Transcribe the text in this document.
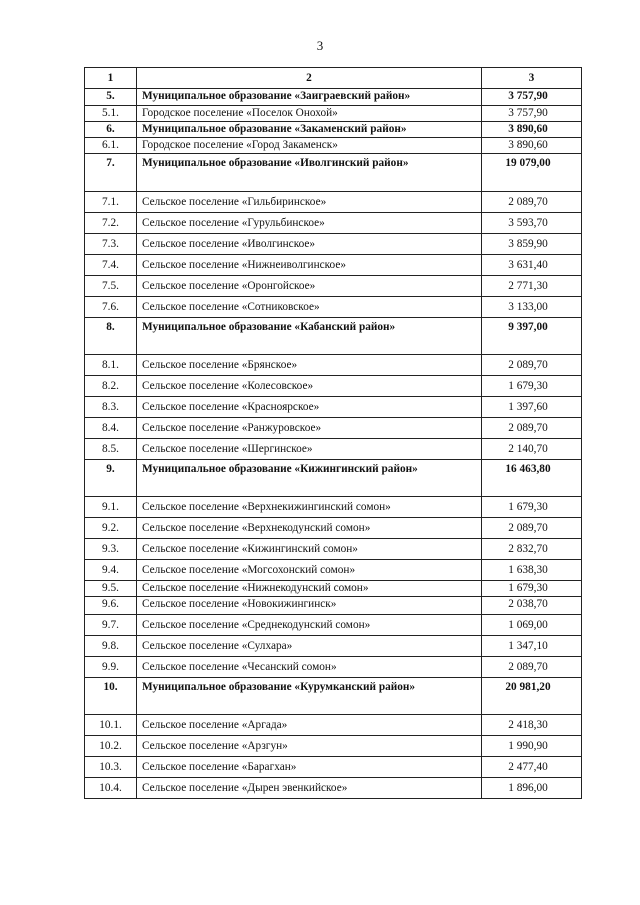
3
1	2	3
5.	Муниципальное образование «Заиграевский район»	3 757,90
5.1.	Городское поселение «Поселок Онохой»	3 757,90
6.	Муниципальное образование «Закаменский район»	3 890,60
6.1.	Городское поселение «Город Закаменск»	3 890,60
7.	Муниципальное образование «Иволгинский район»	19 079,00
7.1.	Сельское поселение «Гильбиринское»	2 089,70
7.2.	Сельское поселение «Гурульбинское»	3 593,70
7.3.	Сельское поселение «Иволгинское»	3 859,90
7.4.	Сельское поселение «Нижнеиволгинское»	3 631,40
7.5.	Сельское поселение «Оронгойское»	2 771,30
7.6.	Сельское поселение «Сотниковское»	3 133,00
8.	Муниципальное образование «Кабанский район»	9 397,00
8.1.	Сельское поселение «Брянское»	2 089,70
8.2.	Сельское поселение «Колесовское»	1 679,30
8.3.	Сельское поселение «Красноярское»	1 397,60
8.4.	Сельское поселение «Ранжуровское»	2 089,70
8.5.	Сельское поселение «Шергинское»	2 140,70
9.	Муниципальное образование «Кижингинский район»	16 463,80
9.1.	Сельское поселение «Верхнекижингинский сомон»	1 679,30
9.2.	Сельское поселение «Верхнекодунский сомон»	2 089,70
9.3.	Сельское поселение «Кижингинский сомон»	2 832,70
9.4.	Сельское поселение «Могсохонский сомон»	1 638,30
9.5.	Сельское поселение «Нижнекодунский сомон»	1 679,30
9.6.	Сельское поселение «Новокижингинск»	2 038,70
9.7.	Сельское поселение «Среднекодунский сомон»	1 069,00
9.8.	Сельское поселение «Сулхара»	1 347,10
9.9.	Сельское поселение «Чесанский сомон»	2 089,70
10.	Муниципальное образование «Курумканский район»	20 981,20
10.1.	Сельское поселение «Аргада»	2 418,30
10.2.	Сельское поселение «Арзгун»	1 990,90
10.3.	Сельское поселение «Барагхан»	2 477,40
10.4.	Сельское поселение «Дырен эвенкийское»	1 896,00
